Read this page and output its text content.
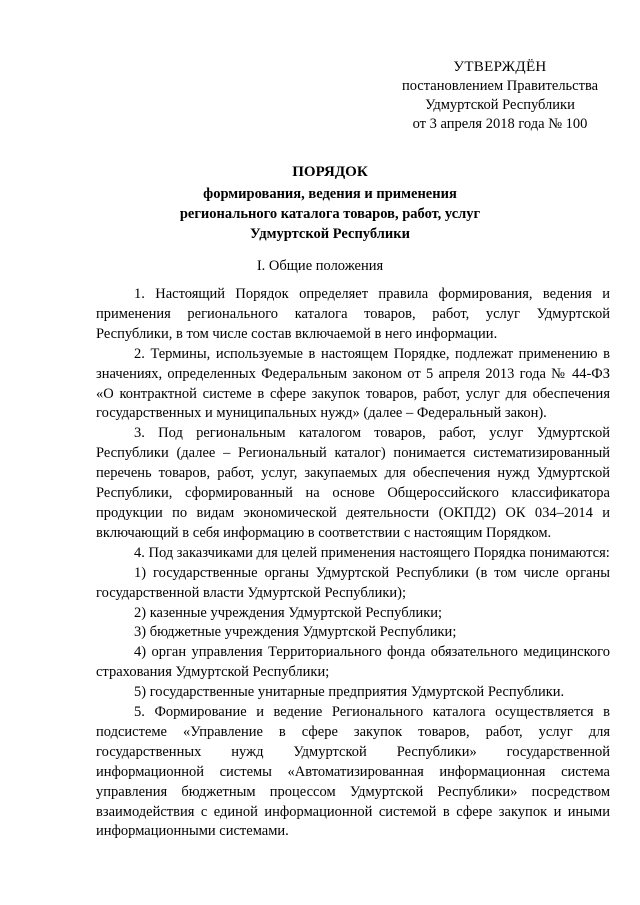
УТВЕРЖДЁН
постановлением Правительства
Удмуртской Республики
от 3 апреля 2018 года № 100
ПОРЯДОК
формирования, ведения и применения
регионального каталога товаров, работ, услуг
Удмуртской Республики
I. Общие положения

1. Настоящий Порядок определяет правила формирования, ведения и применения регионального каталога товаров, работ, услуг Удмуртской Республики, в том числе состав включаемой в него информации.

2. Термины, используемые в настоящем Порядке, подлежат применению в значениях, определенных Федеральным законом от 5 апреля 2013 года № 44-ФЗ «О контрактной системе в сфере закупок товаров, работ, услуг для обеспечения государственных и муниципальных нужд» (далее – Федеральный закон).

3. Под региональным каталогом товаров, работ, услуг Удмуртской Республики (далее – Региональный каталог) понимается систематизированный перечень товаров, работ, услуг, закупаемых для обеспечения нужд Удмуртской Республики, сформированный на основе Общероссийского классификатора продукции по видам экономической деятельности (ОКПД2) ОК 034–2014 и включающий в себя информацию в соответствии с настоящим Порядком.

4. Под заказчиками для целей применения настоящего Порядка понимаются:

1) государственные органы Удмуртской Республики (в том числе органы государственной власти Удмуртской Республики);

2) казенные учреждения Удмуртской Республики;

3) бюджетные учреждения Удмуртской Республики;

4) орган управления Территориального фонда обязательного медицинского страхования Удмуртской Республики;

5) государственные унитарные предприятия Удмуртской Республики.

5. Формирование и ведение Регионального каталога осуществляется в подсистеме «Управление в сфере закупок товаров, работ, услуг для государственных нужд Удмуртской Республики» государственной информационной системы «Автоматизированная информационная система управления бюджетным процессом Удмуртской Республики» посредством взаимодействия с единой информационной системой в сфере закупок и иными информационными системами.
